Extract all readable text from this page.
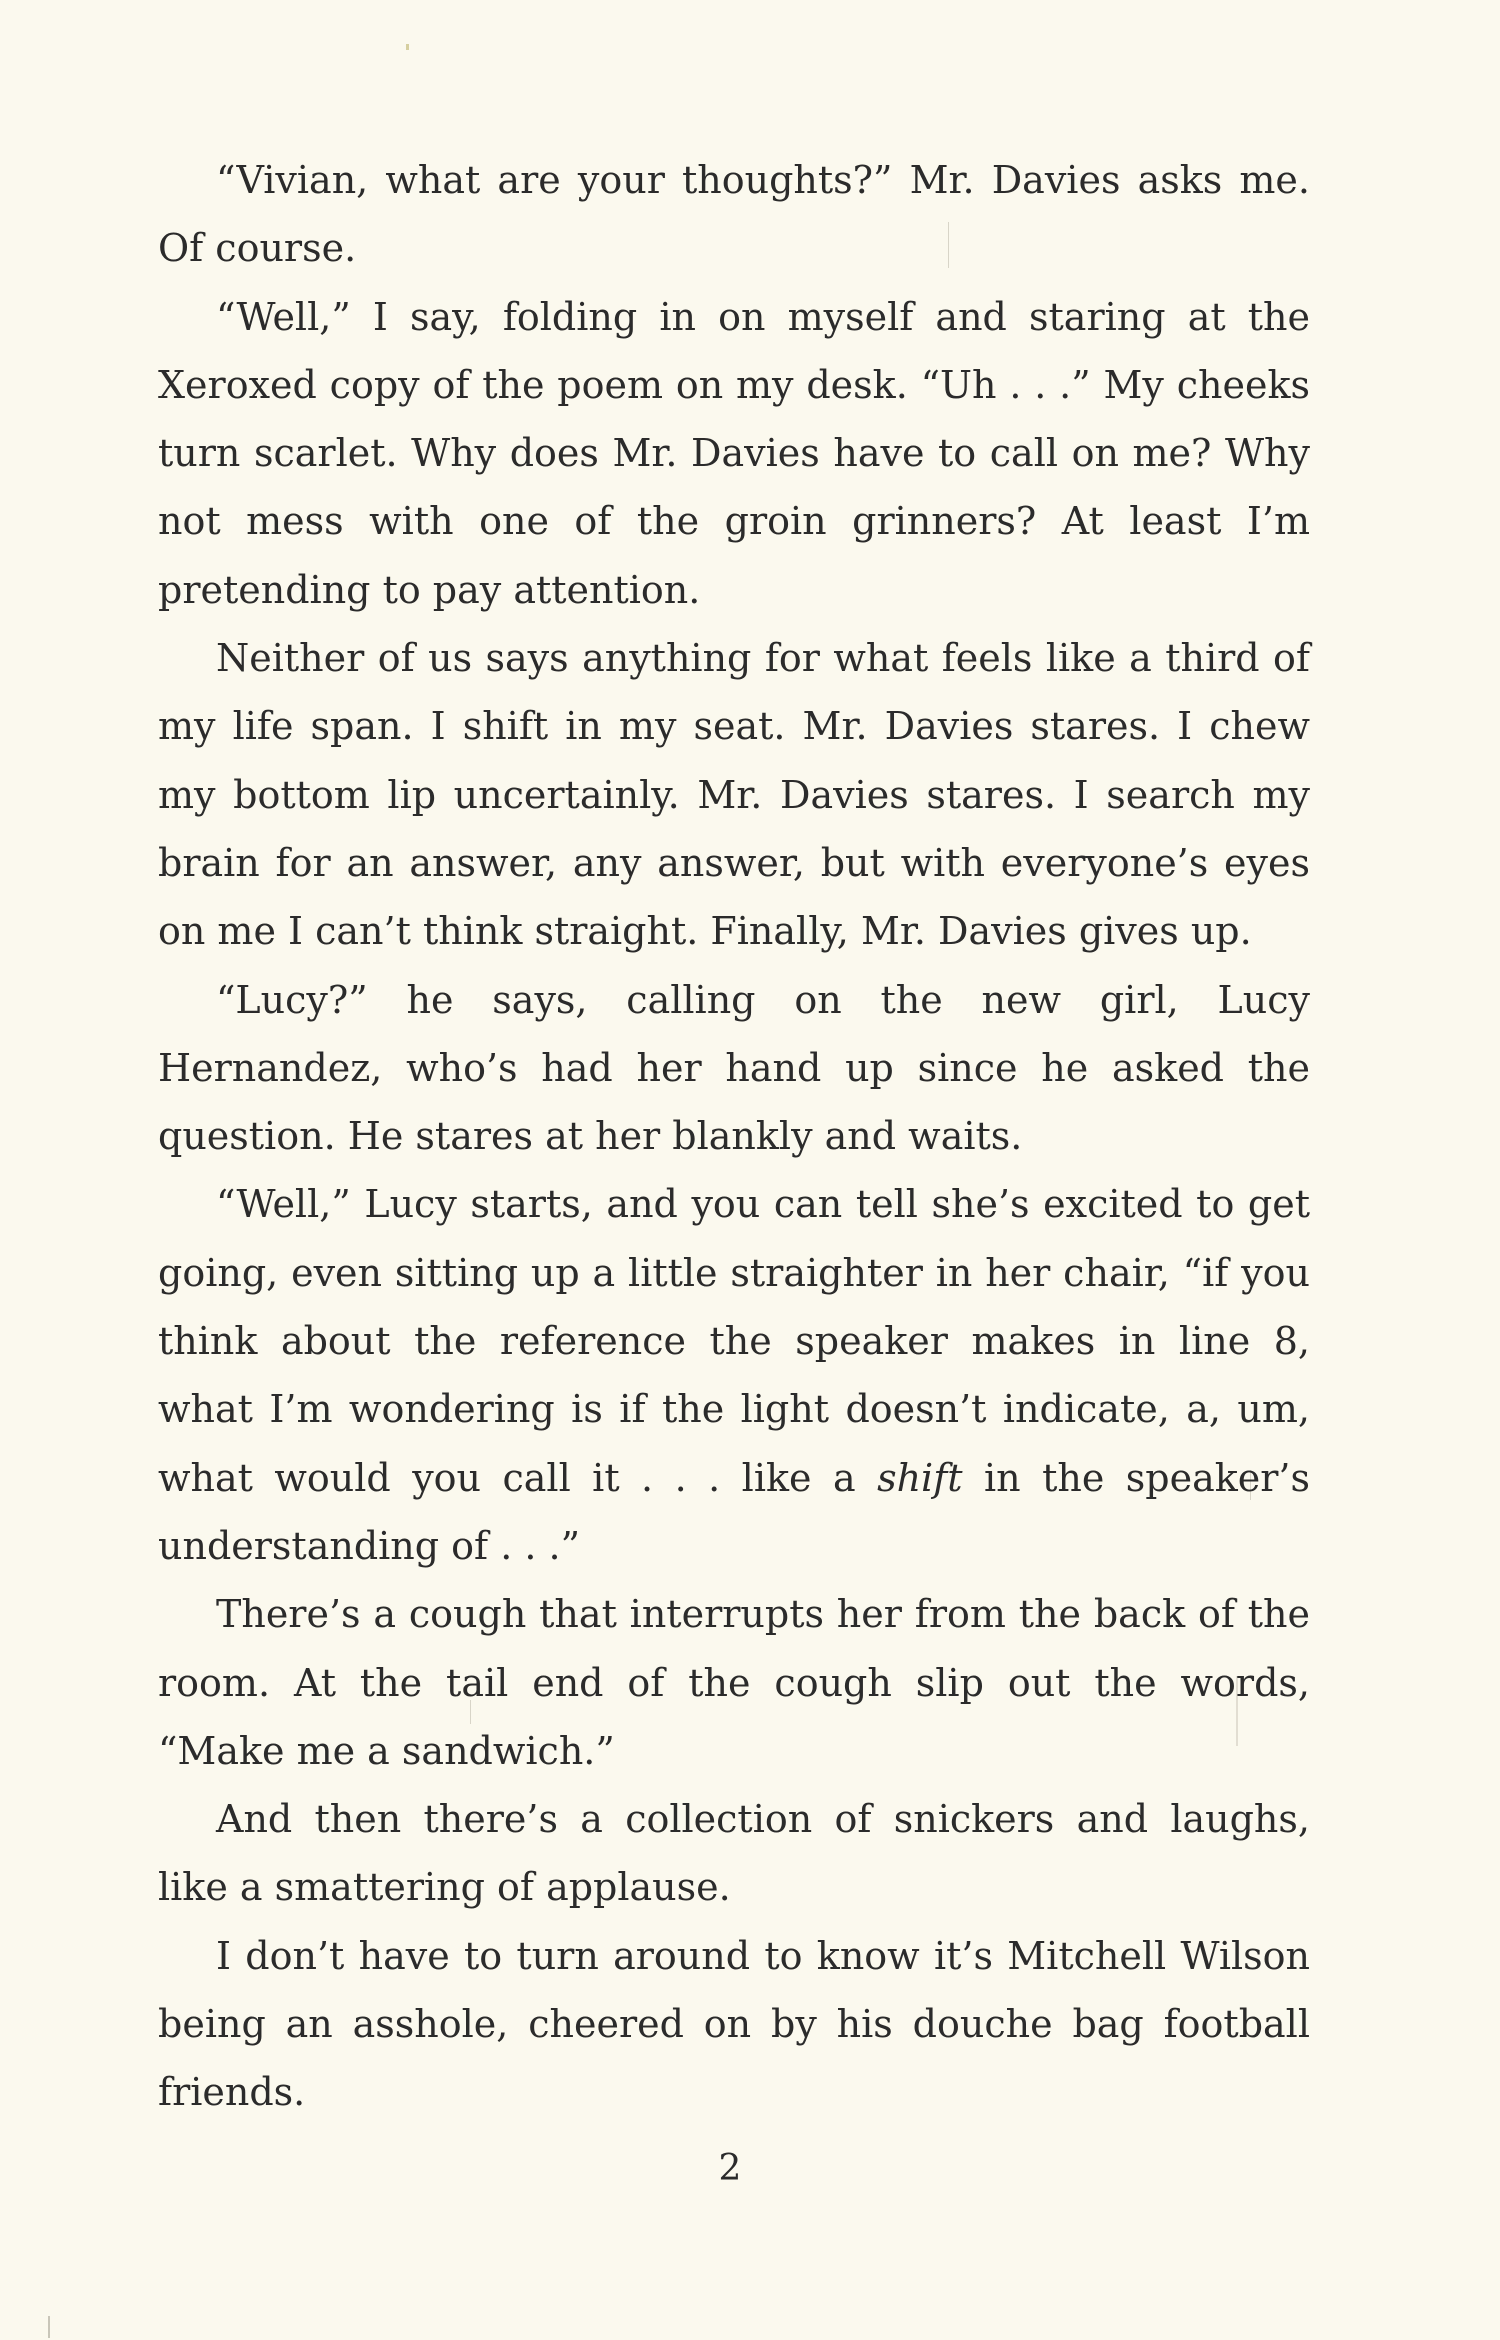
“Vivian, what are your thoughts?” Mr. Davies asks me. Of course.

“Well,” I say, folding in on myself and staring at the Xeroxed copy of the poem on my desk. “Uh . . .” My cheeks turn scarlet. Why does Mr. Davies have to call on me? Why not mess with one of the groin grinners? At least I’m pretending to pay attention.

Neither of us says anything for what feels like a third of my life span. I shift in my seat. Mr. Davies stares. I chew my bottom lip uncertainly. Mr. Davies stares. I search my brain for an answer, any answer, but with everyone’s eyes on me I can’t think straight. Finally, Mr. Davies gives up.

“Lucy?” he says, calling on the new girl, Lucy Hernandez, who’s had her hand up since he asked the question. He stares at her blankly and waits.

“Well,” Lucy starts, and you can tell she’s excited to get going, even sitting up a little straighter in her chair, “if you think about the reference the speaker makes in line 8, what I’m wondering is if the light doesn’t indicate, a, um, what would you call it . . . like a shift in the speaker’s understanding of . . .”

There’s a cough that interrupts her from the back of the room. At the tail end of the cough slip out the words, “Make me a sandwich.”

And then there’s a collection of snickers and laughs, like a smattering of applause.

I don’t have to turn around to know it’s Mitchell Wilson being an asshole, cheered on by his douche bag football friends.

2
